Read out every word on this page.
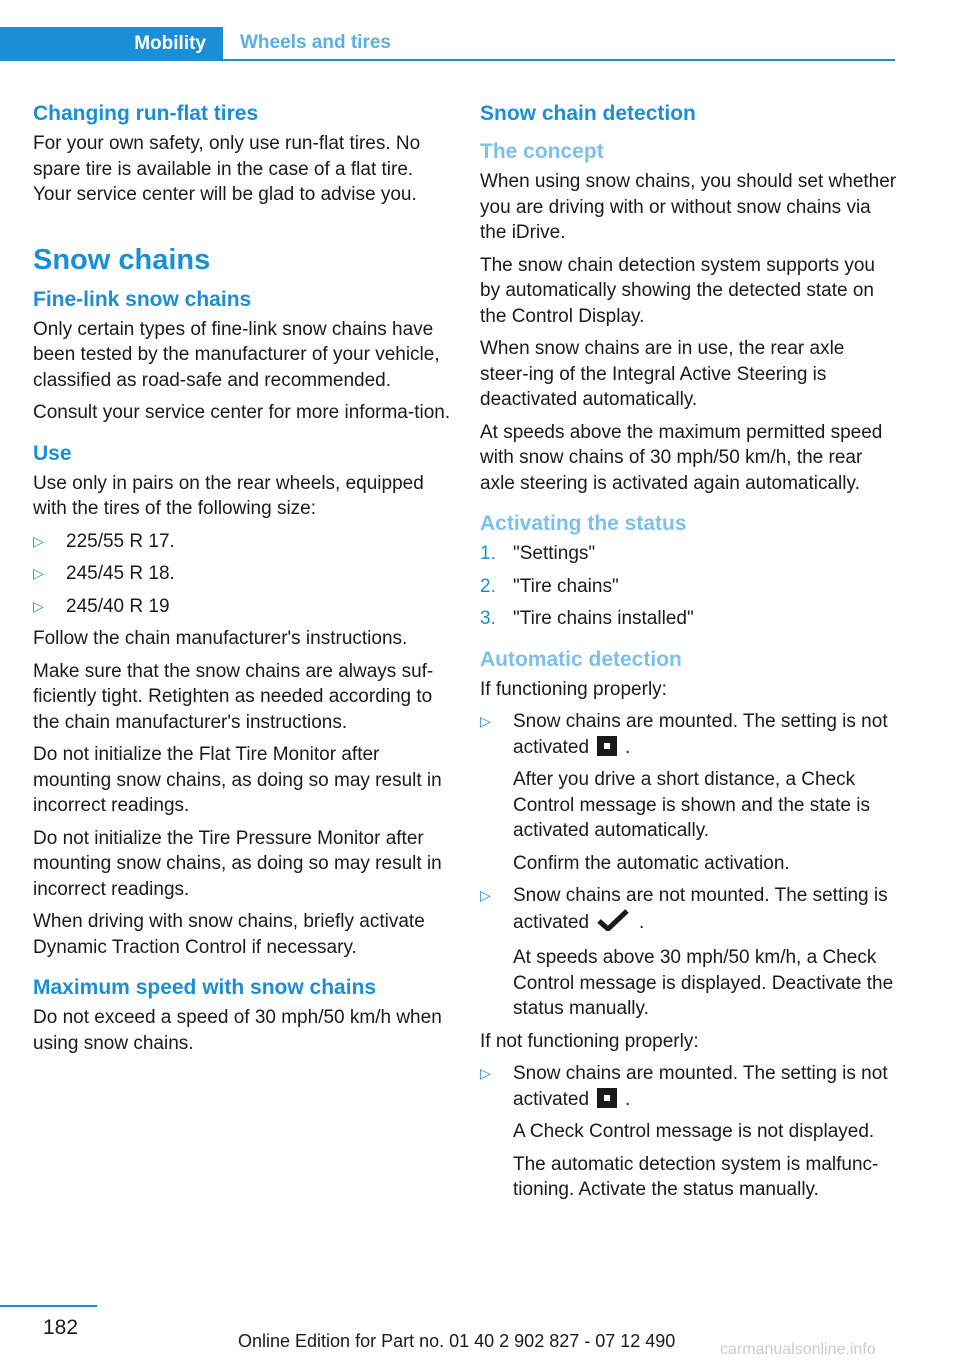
Mobility	Wheels and tires
Changing run-flat tires

For your own safety, only use run-flat tires. No spare tire is available in the case of a flat tire. Your service center will be glad to advise you.

Snow chains
Fine-link snow chains

Only certain types of fine-link snow chains have been tested by the manufacturer of your vehicle, classified as road-safe and recommended.

Consult your service center for more informa-tion.

Use

Use only in pairs on the rear wheels, equipped with the tires of the following size:

▷ 225/55 R 17.
▷ 245/45 R 18.
▷ 245/40 R 19

Follow the chain manufacturer's instructions.

Make sure that the snow chains are always suf-ficiently tight. Retighten as needed according to the chain manufacturer's instructions.

Do not initialize the Flat Tire Monitor after mounting snow chains, as doing so may result in incorrect readings.

Do not initialize the Tire Pressure Monitor after mounting snow chains, as doing so may result in incorrect readings.

When driving with snow chains, briefly activate Dynamic Traction Control if necessary.

Maximum speed with snow chains

Do not exceed a speed of 30 mph/50 km/h when using snow chains.

Snow chain detection
The concept

When using snow chains, you should set whether you are driving with or without snow chains via the iDrive.

The snow chain detection system supports you by automatically showing the detected state on the Control Display.

When snow chains are in use, the rear axle steer-ing of the Integral Active Steering is deactivated automatically.

At speeds above the maximum permitted speed with snow chains of 30 mph/50 km/h, the rear axle steering is activated again automatically.

Activating the status
1. "Settings"
2. "Tire chains"
3. "Tire chains installed"
Automatic detection

If functioning properly:

▷ Snow chains are mounted. The setting is not activated .
After you drive a short distance, a Check Control message is shown and the state is activated automatically.
Confirm the automatic activation.
▷ Snow chains are not mounted. The setting is activated	.
At speeds above 30 mph/50 km/h, a Check Control message is displayed. Deactivate the status manually.

If not functioning properly:

▷ Snow chains are mounted. The setting is not activated .
A Check Control message is not displayed.
The automatic detection system is malfunc-tioning. Activate the status manually.
182
Online Edition for Part no. 01 40 2 902 827 - 07 12 490	carmanualsonline.info
